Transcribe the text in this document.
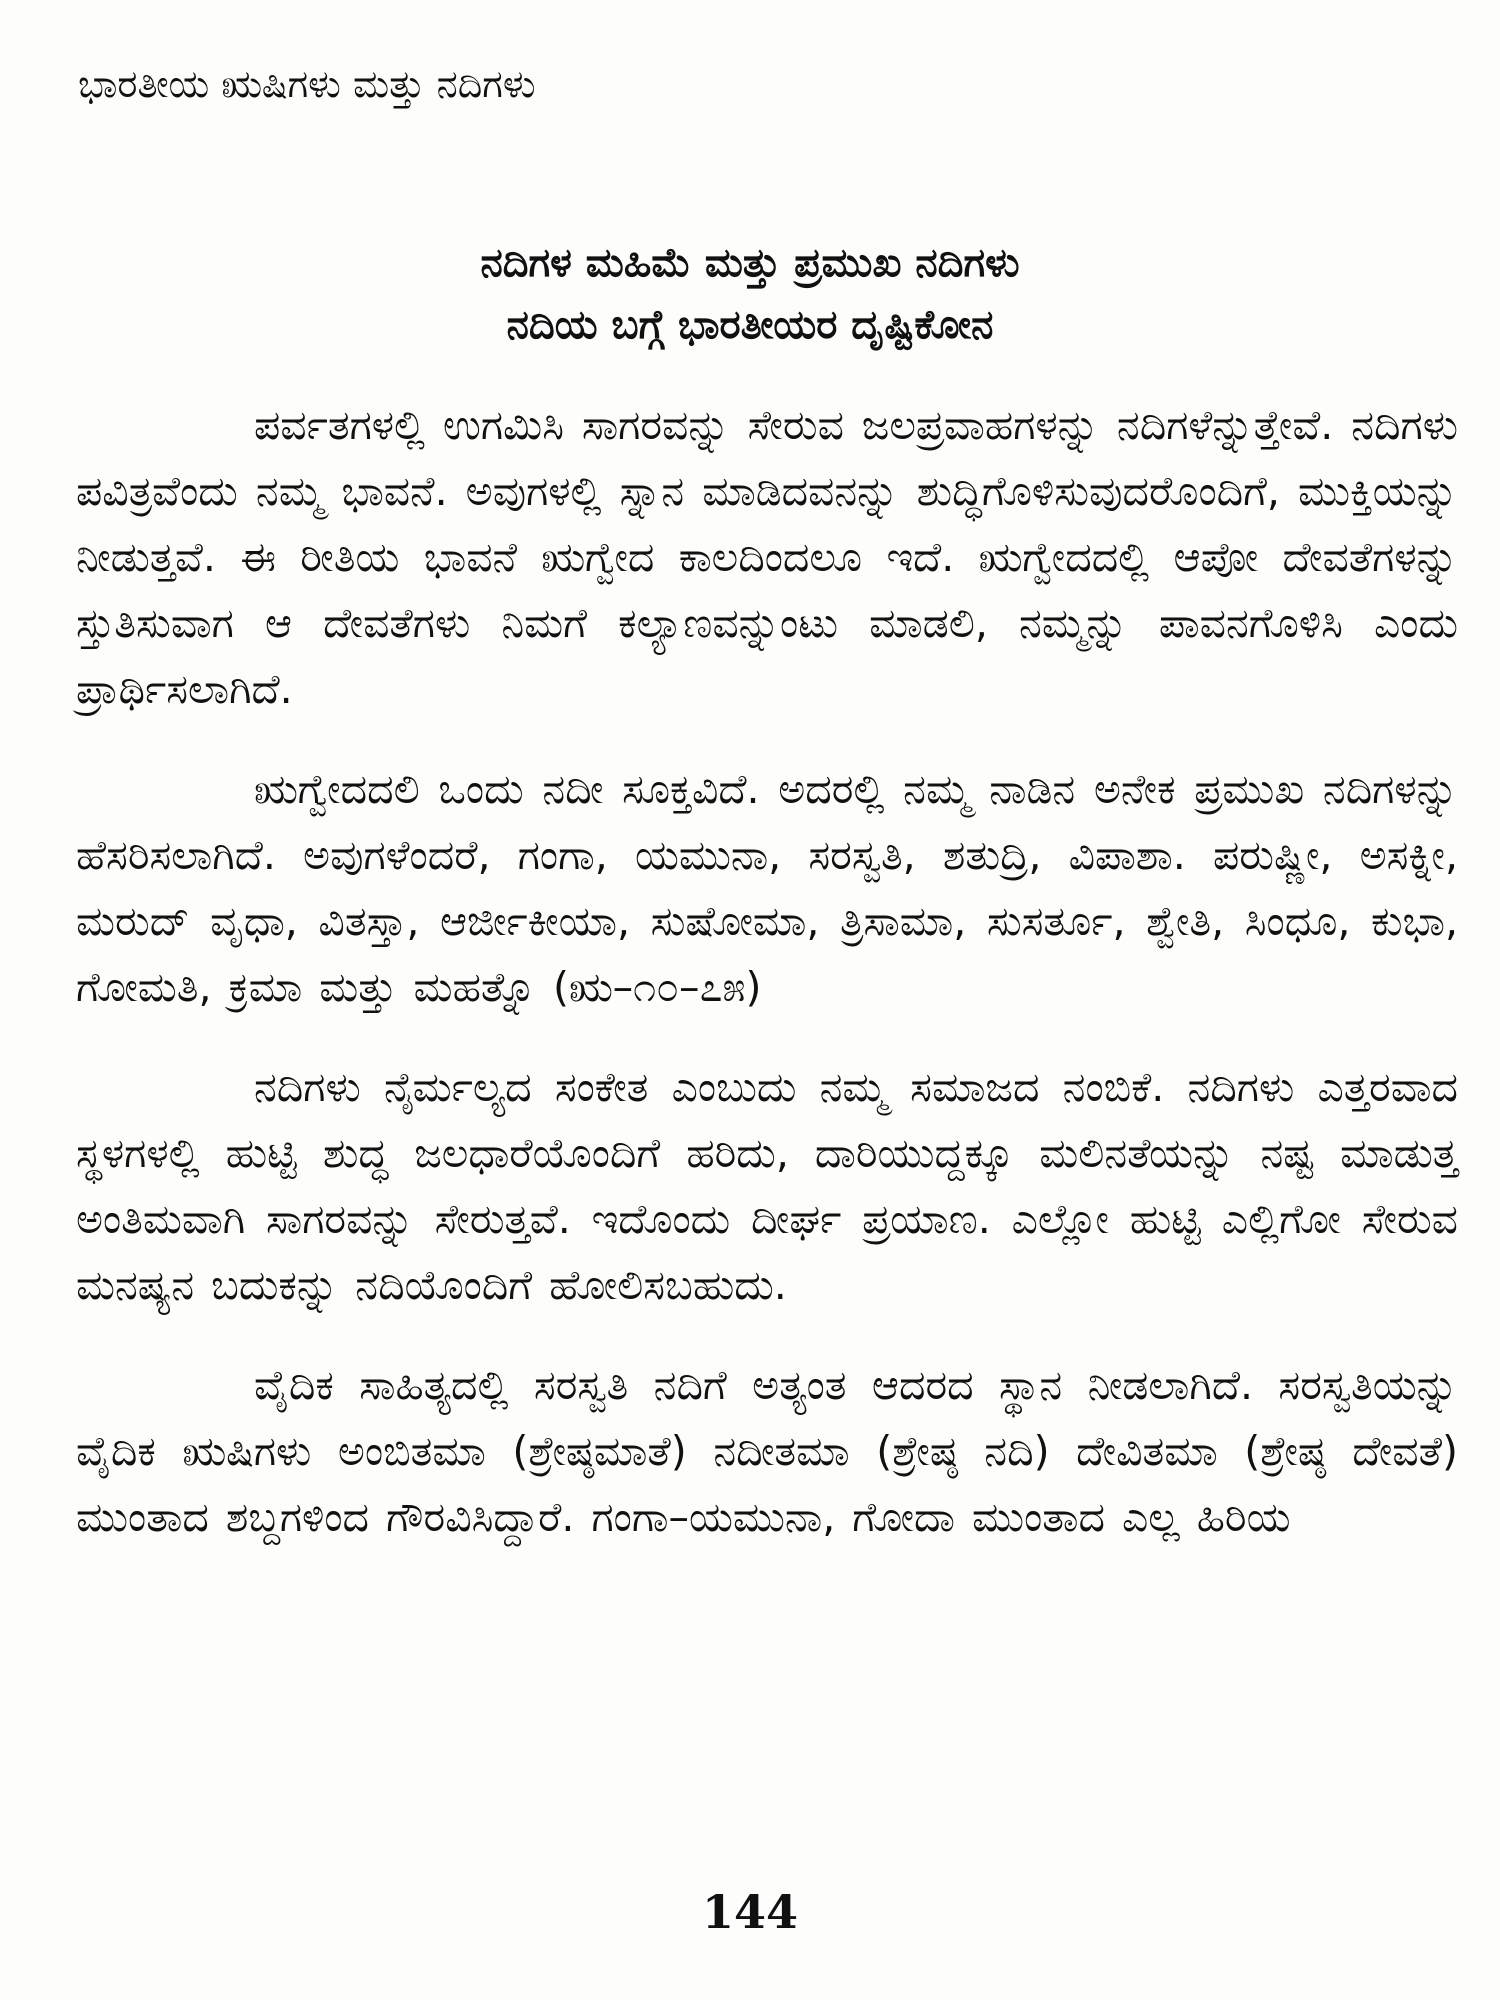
ಭಾರತೀಯ ಋಷಿಗಳು ಮತ್ತು ನದಿಗಳು
ನದಿಗಳ ಮಹಿಮೆ ಮತ್ತು ಪ್ರಮುಖ ನದಿಗಳು
ನದಿಯ ಬಗ್ಗೆ ಭಾರತೀಯರ ದೃಷ್ಟಿಕೋನ

ಪರ್ವತಗಳಲ್ಲಿ ಉಗಮಿಸಿ ಸಾಗರವನ್ನು ಸೇರುವ ಜಲಪ್ರವಾಹಗಳನ್ನು ನದಿಗಳೆನ್ನುತ್ತೇವೆ. ನದಿಗಳು ಪವಿತ್ರವೆಂದು ನಮ್ಮ ಭಾವನೆ. ಅವುಗಳಲ್ಲಿ ಸ್ನಾನ ಮಾಡಿದವನನ್ನು ಶುದ್ಧಿಗೊಳಿಸುವುದರೊಂದಿಗೆ, ಮುಕ್ತಿಯನ್ನು ನೀಡುತ್ತವೆ. ಈ ರೀತಿಯ ಭಾವನೆ ಋಗ್ವೇದ ಕಾಲದಿಂದಲೂ ಇದೆ. ಋಗ್ವೇದದಲ್ಲಿ ಆಪೋ ದೇವತೆಗಳನ್ನು ಸ್ತುತಿಸುವಾಗ ಆ ದೇವತೆಗಳು ನಿಮಗೆ ಕಲ್ಯಾಣವನ್ನುಂಟು ಮಾಡಲಿ, ನಮ್ಮನ್ನು ಪಾವನಗೊಳಿಸಿ ಎಂದು ಪ್ರಾರ್ಥಿಸಲಾಗಿದೆ.

ಋಗ್ವೇದದಲಿ ಒಂದು ನದೀ ಸೂಕ್ತವಿದೆ. ಅದರಲ್ಲಿ ನಮ್ಮ ನಾಡಿನ ಅನೇಕ ಪ್ರಮುಖ ನದಿಗಳನ್ನು ಹೆಸರಿಸಲಾಗಿದೆ. ಅವುಗಳೆಂದರೆ, ಗಂಗಾ, ಯಮುನಾ, ಸರಸ್ವತಿ, ಶತುದ್ರಿ, ವಿಪಾಶಾ. ಪರುಷ್ಣೀ, ಅಸಕ್ನೀ, ಮರುದ್ ವೃಧಾ, ವಿತಸ್ತಾ, ಆರ್ಜೀಕೀಯಾ, ಸುಷೋಮಾ, ತ್ರಿಸಾಮಾ, ಸುಸರ್ತೂ, ಶ್ವೇತಿ, ಸಿಂಧೂ, ಕುಭಾ, ಗೋಮತಿ, ಕ್ರಮಾ ಮತ್ತು ಮಹತ್ನೊ (ಋ–೧೦–೭೫)

ನದಿಗಳು ನೈರ್ಮಲ್ಯದ ಸಂಕೇತ ಎಂಬುದು ನಮ್ಮ ಸಮಾಜದ ನಂಬಿಕೆ. ನದಿಗಳು ಎತ್ತರವಾದ ಸ್ಥಳಗಳಲ್ಲಿ ಹುಟ್ಟಿ ಶುದ್ಧ ಜಲಧಾರೆಯೊಂದಿಗೆ ಹರಿದು, ದಾರಿಯುದ್ದಕ್ಕೂ ಮಲಿನತೆಯನ್ನು ನಷ್ಟ ಮಾಡುತ್ತ ಅಂತಿಮವಾಗಿ ಸಾಗರವನ್ನು ಸೇರುತ್ತವೆ. ಇದೊಂದು ದೀರ್ಘ ಪ್ರಯಾಣ. ಎಲ್ಲೋ ಹುಟ್ಟಿ ಎಲ್ಲಿಗೋ ಸೇರುವ ಮನಷ್ಯನ ಬದುಕನ್ನು ನದಿಯೊಂದಿಗೆ ಹೋಲಿಸಬಹುದು.

ವೈದಿಕ ಸಾಹಿತ್ಯದಲ್ಲಿ ಸರಸ್ವತಿ ನದಿಗೆ ಅತ್ಯಂತ ಆದರದ ಸ್ಥಾನ ನೀಡಲಾಗಿದೆ. ಸರಸ್ವತಿಯನ್ನು ವೈದಿಕ ಋಷಿಗಳು ಅಂಬಿತಮಾ (ಶ್ರೇಷ್ಠಮಾತೆ) ನದೀತಮಾ (ಶ್ರೇಷ್ಠ ನದಿ) ದೇವಿತಮಾ (ಶ್ರೇಷ್ಠ ದೇವತೆ) ಮುಂತಾದ ಶಬ್ದಗಳಿಂದ ಗೌರವಿಸಿದ್ದಾರೆ. ಗಂಗಾ–ಯಮುನಾ, ಗೋದಾ ಮುಂತಾದ ಎಲ್ಲ ಹಿರಿಯ

144
